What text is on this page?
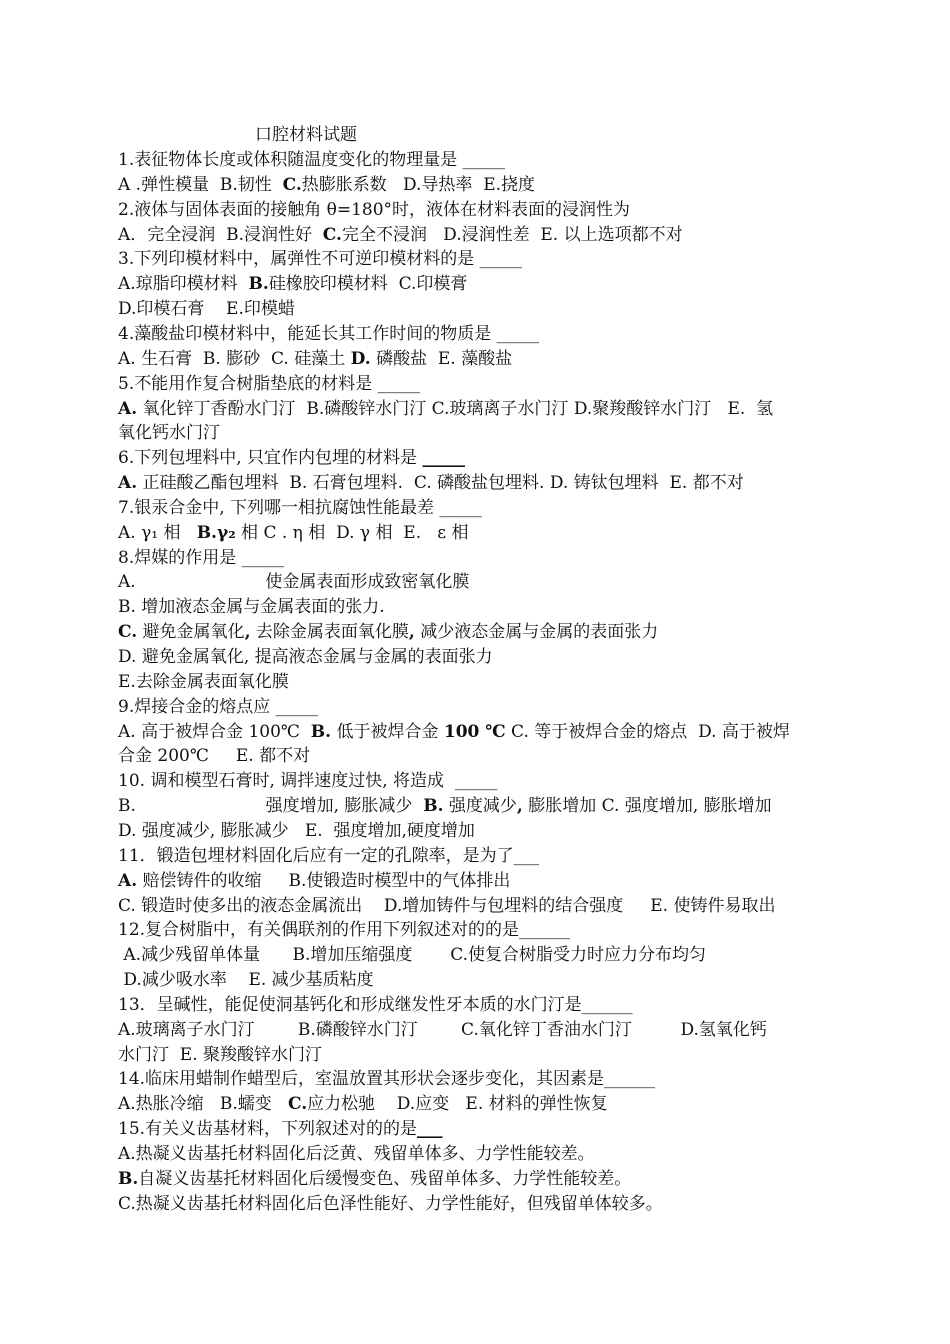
口腔材料试题
1.表征物体长度或体积随温度变化的物理量是 _____
A .弹性模量  B.韧性  C.热膨胀系数   D.导热率  E.挠度
2.液体与固体表面的接触角 θ=180°时，液体在材料表面的浸润性为
A．完全浸润  B.浸润性好  C.完全不浸润   D.浸润性差  E. 以上选项都不对
3.下列印模材料中，属弹性不可逆印模材料的是 _____
A.琼脂印模材料  B.硅橡胶印模材料  C.印模膏
D.印模石膏    E.印模蜡
4.藻酸盐印模材料中，能延长其工作时间的物质是 _____
A. 生石膏  B. 膨砂  C. 硅藻土 D. 磷酸盐  E. 藻酸盐
5.不能用作复合树脂垫底的材料是 _____
A. 氧化锌丁香酚水门汀  B.磷酸锌水门汀 C.玻璃离子水门汀 D.聚羧酸锌水门汀   E.  氢
氧化钙水门汀
6.下列包埋料中, 只宜作内包埋的材料是 _____
A. 正硅酸乙酯包埋料  B. 石膏包埋料.  C. 磷酸盐包埋料. D. 铸钛包埋料  E. 都不对
7.银汞合金中, 下列哪一相抗腐蚀性能最差 _____
A. γ₁ 相   B.γ₂ 相 C . η 相  D. γ 相  E.   ε 相
8.焊媒的作用是 _____
A.                        使金属表面形成致密氧化膜
B. 增加液态金属与金属表面的张力.
C. 避免金属氧化, 去除金属表面氧化膜, 减少液态金属与金属的表面张力
D. 避免金属氧化, 提高液态金属与金属的表面张力
E.去除金属表面氧化膜
9.焊接合金的熔点应 _____
A. 高于被焊合金 100℃  B. 低于被焊合金 100 ℃ C. 等于被焊合金的熔点  D. 高于被焊
合金 200℃     E. 都不对
10. 调和模型石膏时, 调拌速度过快, 将造成  _____
B.                        强度增加, 膨胀减少  B. 强度减少, 膨胀增加 C. 强度增加, 膨胀增加
D. 强度减少, 膨胀减少   E.  强度增加,硬度增加
11．锻造包埋材料固化后应有一定的孔隙率，是为了___
A. 赔偿铸件的收缩     B.使锻造时模型中的气体排出
C. 锻造时使多出的液态金属流出    D.增加铸件与包埋料的结合强度     E. 使铸件易取出
12.复合树脂中，有关偶联剂的作用下列叙述对的的是______
A.减少残留单体量      B.增加压缩强度       C.使复合树脂受力时应力分布均匀
D.减少吸水率    E. 减少基质粘度
13．呈碱性，能促使洞基钙化和形成继发性牙本质的水门汀是______
A.玻璃离子水门汀        B.磷酸锌水门汀        C.氧化锌丁香油水门汀         D.氢氧化钙
水门汀  E. 聚羧酸锌水门汀
14.临床用蜡制作蜡型后，室温放置其形状会逐步变化，其因素是______
A.热胀冷缩   B.蠕变   C.应力松驰    D.应变   E. 材料的弹性恢复
15.有关义齿基材料，下列叙述对的的是___
A.热凝义齿基托材料固化后泛黄、残留单体多、力学性能较差。
B.自凝义齿基托材料固化后缓慢变色、残留单体多、力学性能较差。
C.热凝义齿基托材料固化后色泽性能好、力学性能好，但残留单体较多。
